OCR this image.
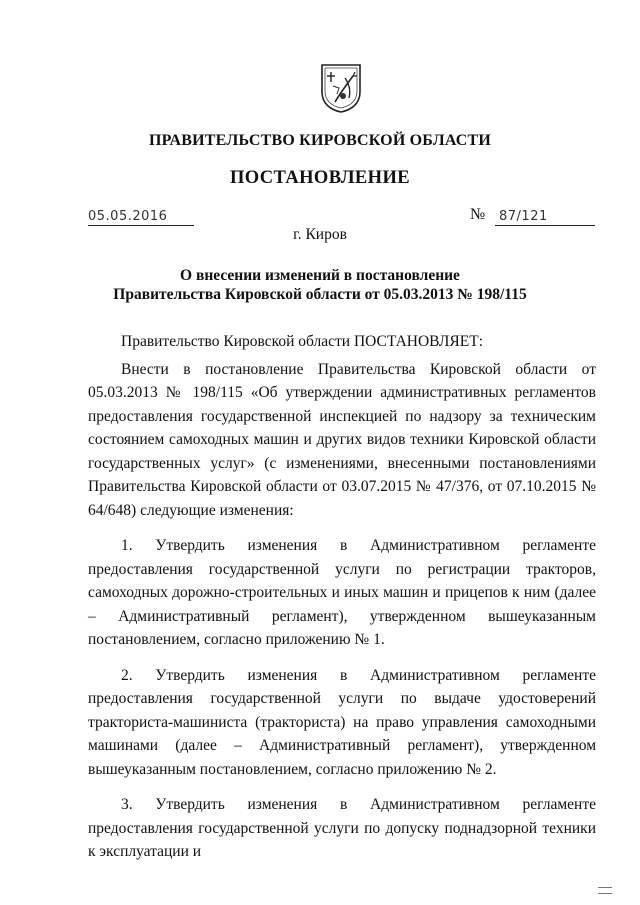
ПРАВИТЕЛЬСТВО КИРОВСКОЙ ОБЛАСТИ
ПОСТАНОВЛЕНИЕ
05.05.2016	№	87/121
г. Киров
О внесении изменений в постановление
Правительства Кировской области от 05.03.2013 № 198/115

Правительство Кировской области ПОСТАНОВЛЯЕТ:

Внести в постановление Правительства Кировской области от 05.03.2013 № 198/115 «Об утверждении административных регламентов предоставления государственной инспекцией по надзору за техническим состоянием самоходных машин и других видов техники Кировской области государственных услуг» (с изменениями, внесенными постановлениями Правительства Кировской области от 03.07.2015 № 47/376, от 07.10.2015 № 64/648) следующие изменения:

1. Утвердить изменения в Административном регламенте предоставления государственной услуги по регистрации тракторов, самоходных дорожно-строительных и иных машин и прицепов к ним (далее – Административный регламент), утвержденном вышеуказанным постановлением, согласно приложению № 1.

2. Утвердить изменения в Административном регламенте предоставления государственной услуги по выдаче удостоверений тракториста-машиниста (тракториста) на право управления самоходными машинами (далее – Административный регламент), утвержденном вышеуказанным постановлением, согласно приложению № 2.

3. Утвердить изменения в Административном регламенте предоставления государственной услуги по допуску поднадзорной техники к эксплуатации и
